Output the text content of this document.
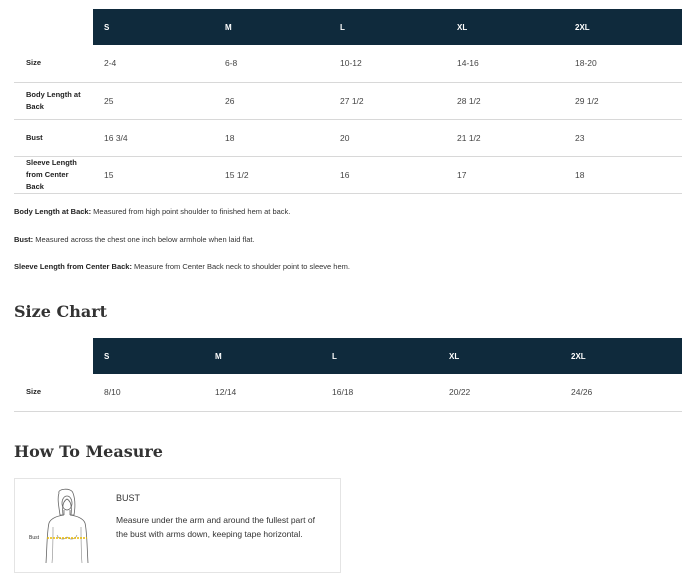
	S	M	L	XL	2XL
Size	2-4	6-8	10-12	14-16	18-20
Body Length at Back	25	26	27 1/2	28 1/2	29 1/2
Bust	16 3/4	18	20	21 1/2	23
Sleeve Length from Center Back	15	15 1/2	16	17	18

Body Length at Back: Measured from high point shoulder to finished hem at back.

Bust: Measured across the chest one inch below armhole when laid flat.

Sleeve Length from Center Back: Measure from Center Back neck to shoulder point to sleeve hem.

Size Chart
	S	M	L	XL	2XL
Size	8/10	12/14	16/18	20/22	24/26
How To Measure
Bust
BUST
Measure under the arm and around the fullest part of the bust with arms down, keeping tape horizontal.
